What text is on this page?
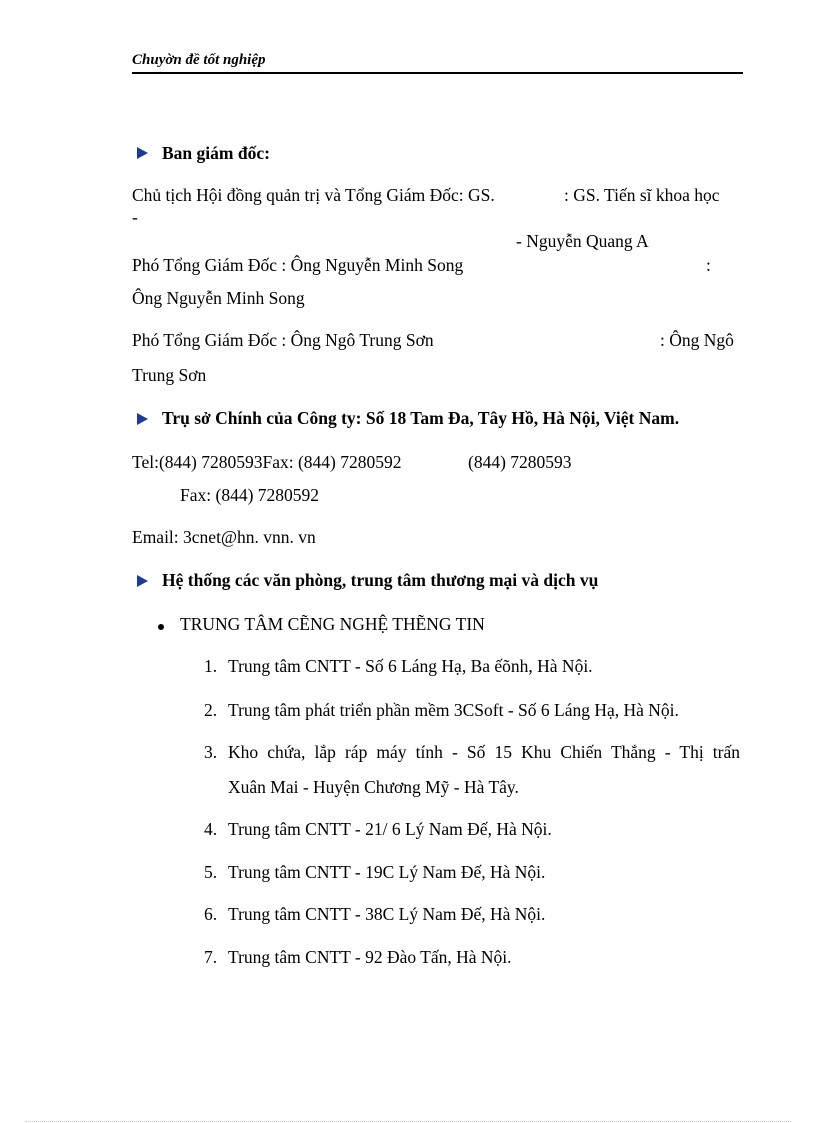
Chuyờn đề tốt nghiệp
Ban giám đốc:
Chủ tịch Hội đồng quản trị và Tổng Giám Đốc: GS.	: GS. Tiến sĩ khoa học
-
- Nguyễn Quang A
Phó Tổng Giám Đốc : Ông Nguyễn Minh Song	:
Ông Nguyễn Minh Song
Phó Tổng Giám Đốc : Ông Ngô Trung Sơn	: Ông Ngô
Trung Sơn
Trụ sở Chính của Công ty: Số 18 Tam Đa, Tây Hồ, Hà Nội, Việt Nam.
Tel:(844) 7280593Fax: (844) 7280592	(844) 7280593
Fax: (844) 7280592
Email: 3cnet@hn. vnn. vn
Hệ thống các văn phòng, trung tâm thương mại và dịch vụ
TRUNG TÂM CẼNG NGHỆ THẼNG TIN
1. Trung tâm CNTT - Số 6 Láng Hạ, Ba ếõnh, Hà Nội.
2. Trung tâm phát triển phần mềm 3CSoft - Số 6 Láng Hạ, Hà Nội.
3. Kho chứa, lắp ráp máy tính - Số 15 Khu Chiến Thắng - Thị trấn
Xuân Mai - Huyện Chương Mỹ - Hà Tây.
4. Trung tâm CNTT - 21/ 6 Lý Nam Đế, Hà Nội.
5. Trung tâm CNTT - 19C Lý Nam Đế, Hà Nội.
6. Trung tâm CNTT - 38C Lý Nam Đế, Hà Nội.
7. Trung tâm CNTT - 92 Đào Tấn, Hà Nội.
